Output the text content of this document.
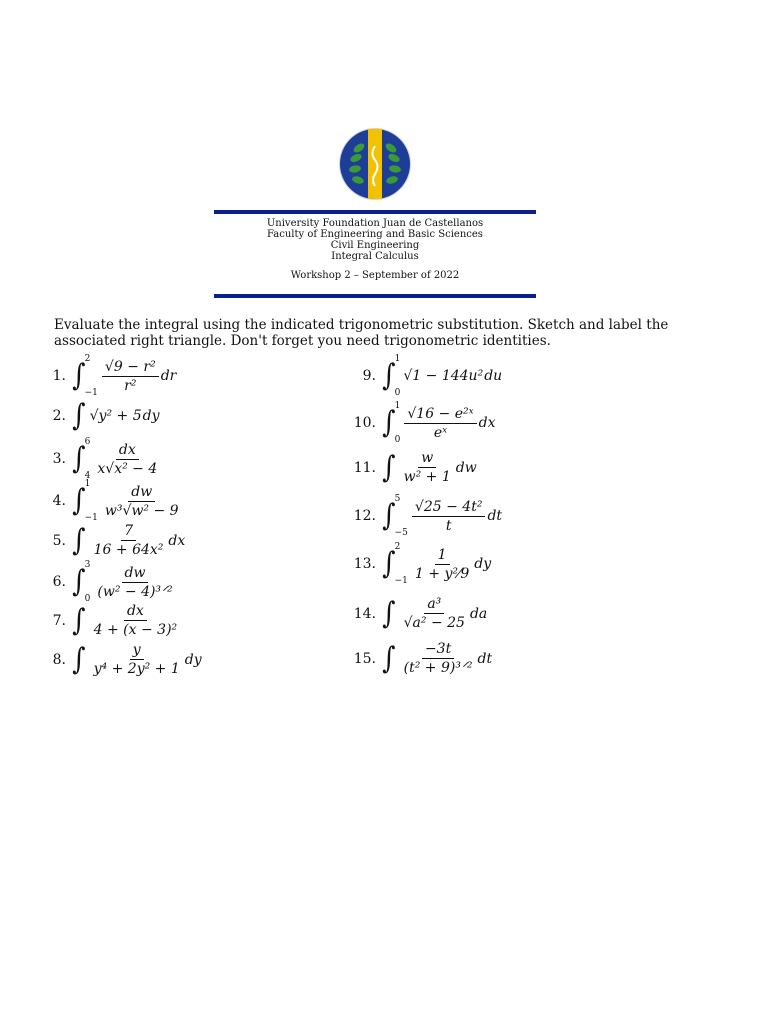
University Foundation Juan de Castellanos
Faculty of Engineering and Basic Sciences
Civil Engineering
Integral Calculus
Workshop 2 – September of 2022
Evaluate the integral using the indicated trigonometric substitution. Sketch and label the associated right triangle. Don't forget you need trigonometric identities.
1. ∫ 2
$-1 \frac{\text{√9 − r²}}{\text{r²}}$ dr
2. ∫ √y² + 5 dy
3. ∫ 6
$4 \frac{dx}{\text{x√x² − 4}}$
4. ∫ 1
$-1 \frac{dw}{\text{w³√w² − 9}}$
5. ∫ $\frac{7}{\text{16 + 64x²}}$ dx
6. ∫ 3
$0 \frac{dw}{\text{(w² − 4)³ᐟ²}}$
7. ∫ $\frac{dx}{\text{4 + (x − 3)²}}$
8. ∫ $\frac{y}{\text{y⁴ + 2y² + 1}}$ dy
9. ∫ 1
0
√1 − 144u² du
10. ∫ 1
$0 \frac{\text{√16 − e²ˣ}}{\text{eˣ}}$ dx
11. ∫ $\frac{w}{\text{w² + 1}}$ dw
12. ∫ 5
$-5 \frac{\text{√25 − 4t²}}{t}$ dt
13. ∫ 2
$-1 \frac{1}{\text{1 + y²⁄9}}$ dy
14. ∫ $\frac{\text{a³}}{\text{√a² − 25}}$ da
15. ∫ $\frac{-3t}{\text{(t² + 9)³ᐟ²}}$ dt
